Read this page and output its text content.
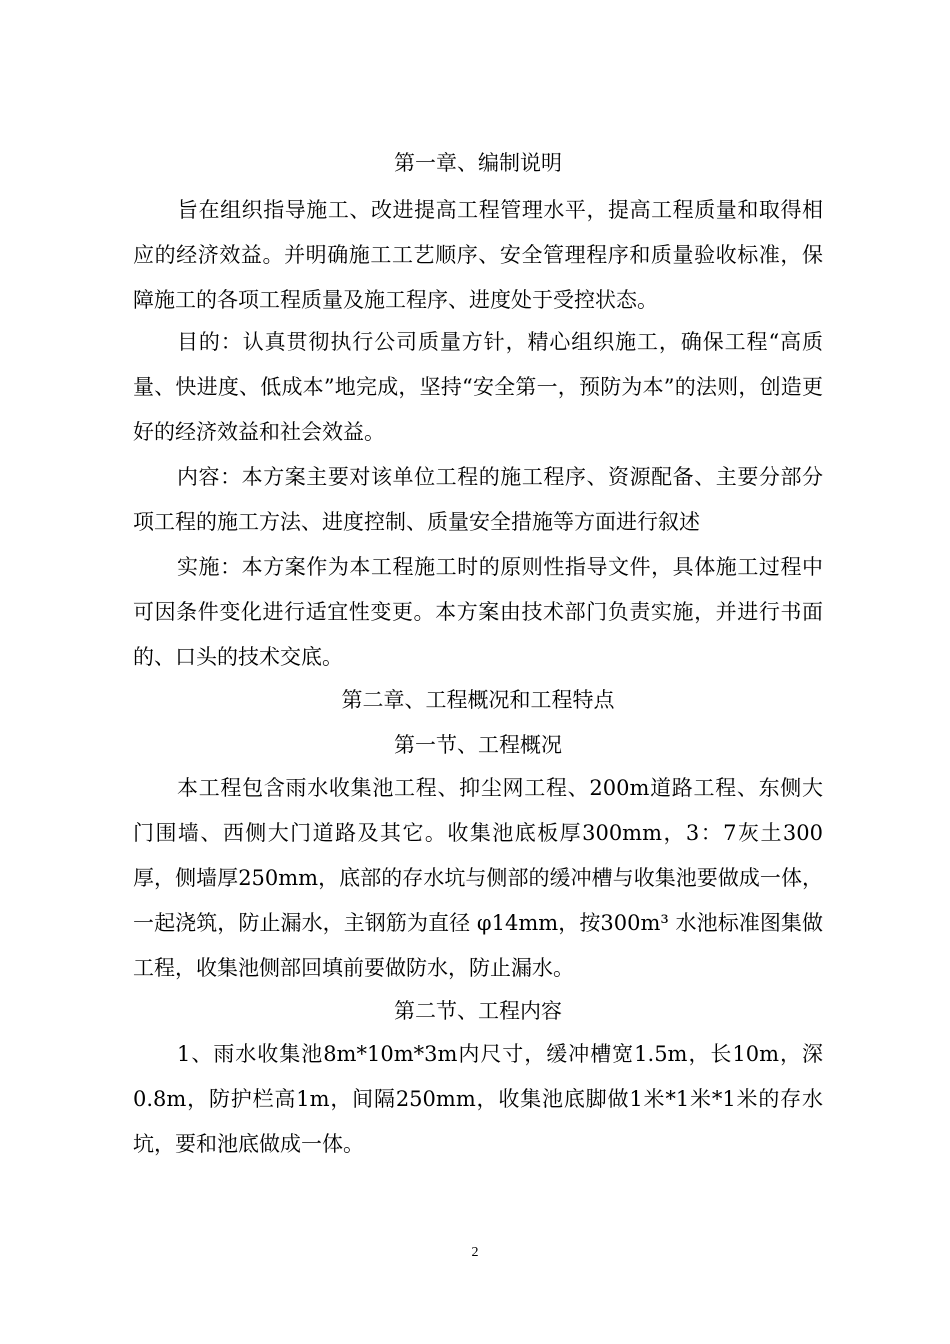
第一章、编制说明
旨在组织指导施工、改进提高工程管理水平，提高工程质量和取得相应的经济效益。并明确施工工艺顺序、安全管理程序和质量验收标准，保障施工的各项工程质量及施工程序、进度处于受控状态。
目的：认真贯彻执行公司质量方针，精心组织施工，确保工程“高质量、快进度、低成本”地完成，坚持“安全第一，预防为本”的法则，创造更好的经济效益和社会效益。
内容：本方案主要对该单位工程的施工程序、资源配备、主要分部分项工程的施工方法、进度控制、质量安全措施等方面进行叙述
实施：本方案作为本工程施工时的原则性指导文件，具体施工过程中可因条件变化进行适宜性变更。本方案由技术部门负责实施，并进行书面的、口头的技术交底。
第二章、工程概况和工程特点
第一节、工程概况
本工程包含雨水收集池工程、抑尘网工程、200m道路工程、东侧大门围墙、西侧大门道路及其它。收集池底板厚300mm，3：7灰土300厚，侧墙厚250mm，底部的存水坑与侧部的缓冲槽与收集池要做成一体，一起浇筑，防止漏水，主钢筋为直径 φ14mm，按300m³ 水池标准图集做工程，收集池侧部回填前要做防水，防止漏水。
第二节、工程内容
1、雨水收集池8m*10m*3m内尺寸，缓冲槽宽1.5m，长10m，深0.8m，防护栏高1m，间隔250mm，收集池底脚做1米*1米*1米的存水坑，要和池底做成一体。
2
